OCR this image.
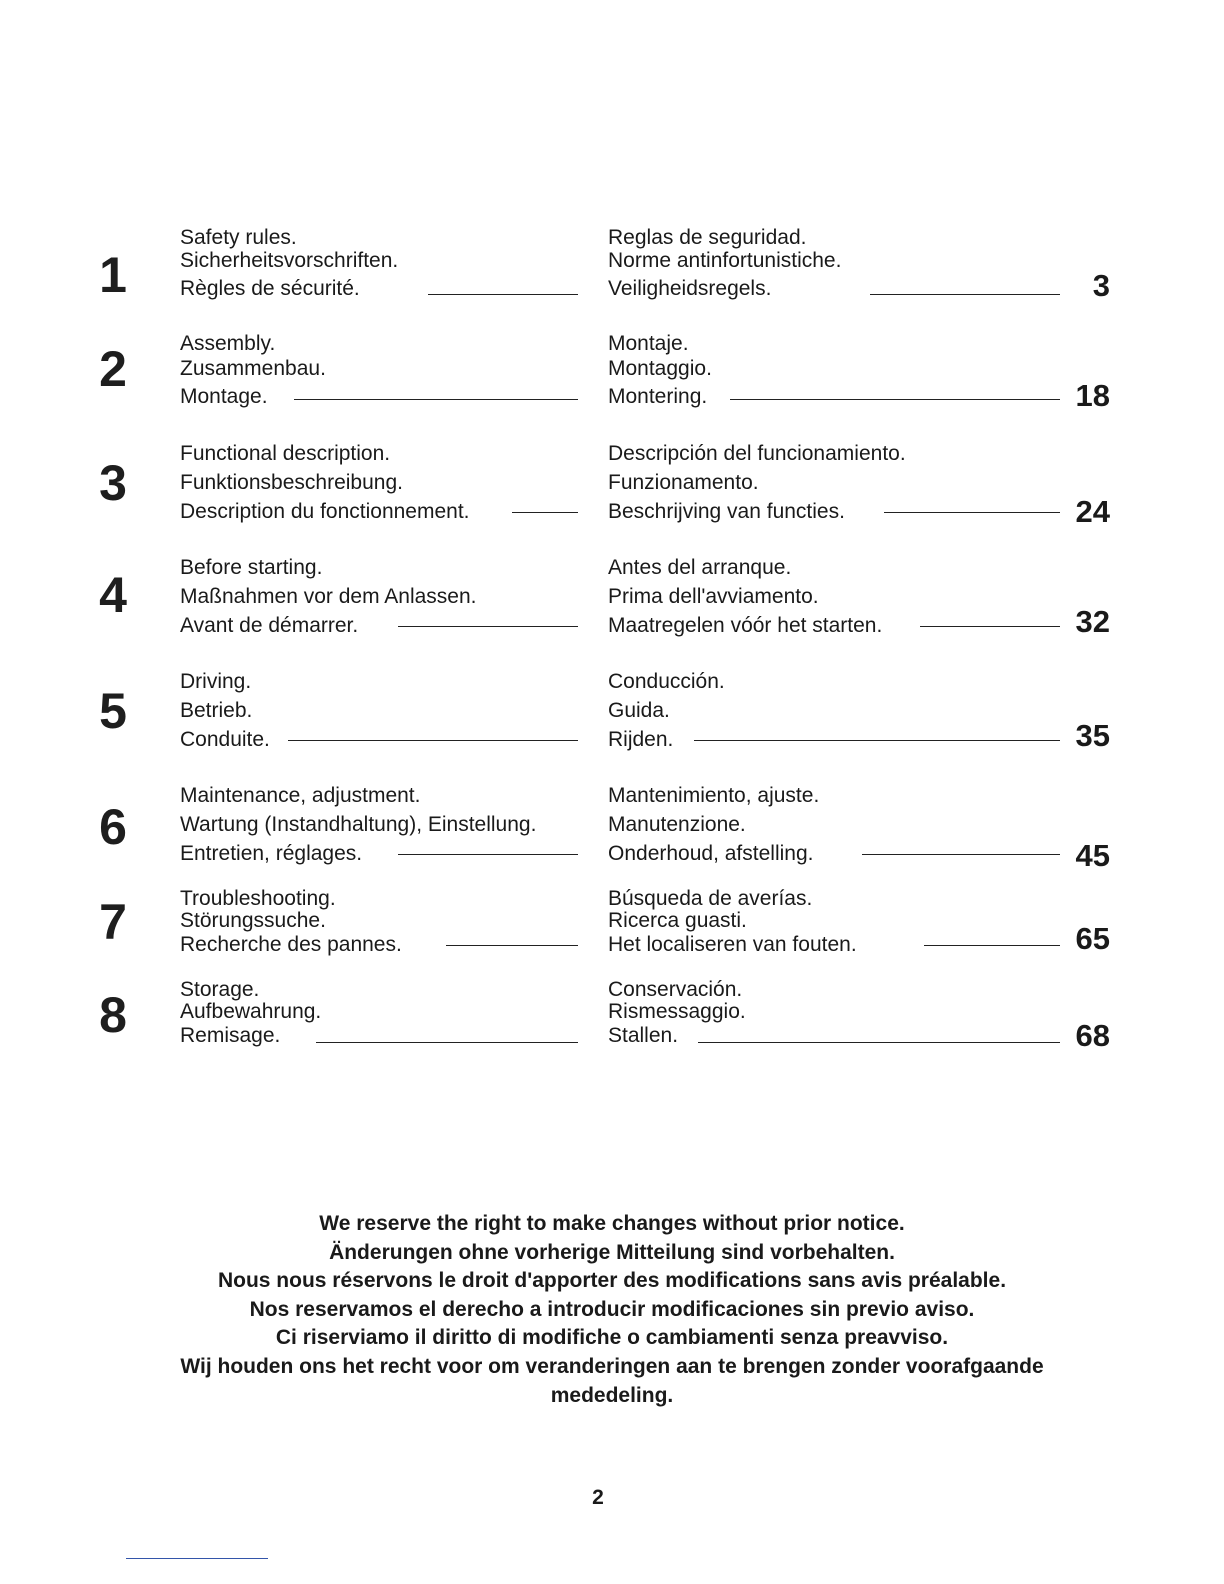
1
Safety rules.
Sicherheitsvorschriften.
Règles de sécurité.
Reglas de seguridad.
Norme antinfortunistiche.
Veiligheidsregels.	3
2	Assembly.
Zusammenbau.
Montage.
Montaje.
Montaggio.
Montering.	18
3
Functional description.
Funktionsbeschreibung.
Description du fonctionnement.
Descripción del funcionamiento.
Funzionamento.
Beschrijving van functies.	24
4	Before starting.
Maßnahmen vor dem Anlassen.
Avant de démarrer.
Antes del arranque.
Prima dell'avviamento.
Maatregelen vóór het starten.	32
5
Driving.
Betrieb.
Conduite.
Conducción.
Guida.
Rijden.	35
6
Maintenance, adjustment.
Wartung (Instandhaltung), Einstellung.
Entretien, réglages.
Mantenimiento, ajuste.
Manutenzione.
Onderhoud, afstelling.	45
7	Troubleshooting.
Störungssuche.
Recherche des pannes.
Búsqueda de averías.
Ricerca guasti.
Het localiseren van fouten.	65
8	Storage.
Aufbewahrung.
Remisage.
Conservación.
Rismessaggio.
Stallen.	68
We reserve the right to make changes without prior notice.
Änderungen ohne vorherige Mitteilung sind vorbehalten.
Nous nous réservons le droit d'apporter des modifications sans avis préalable.
Nos reservamos el derecho a introducir modificaciones sin previo aviso.
Ci riserviamo il diritto di modifiche o cambiamenti senza preavviso.
Wij houden ons het recht voor om veranderingen aan te brengen zonder voorafgaande
mededeling.
2
